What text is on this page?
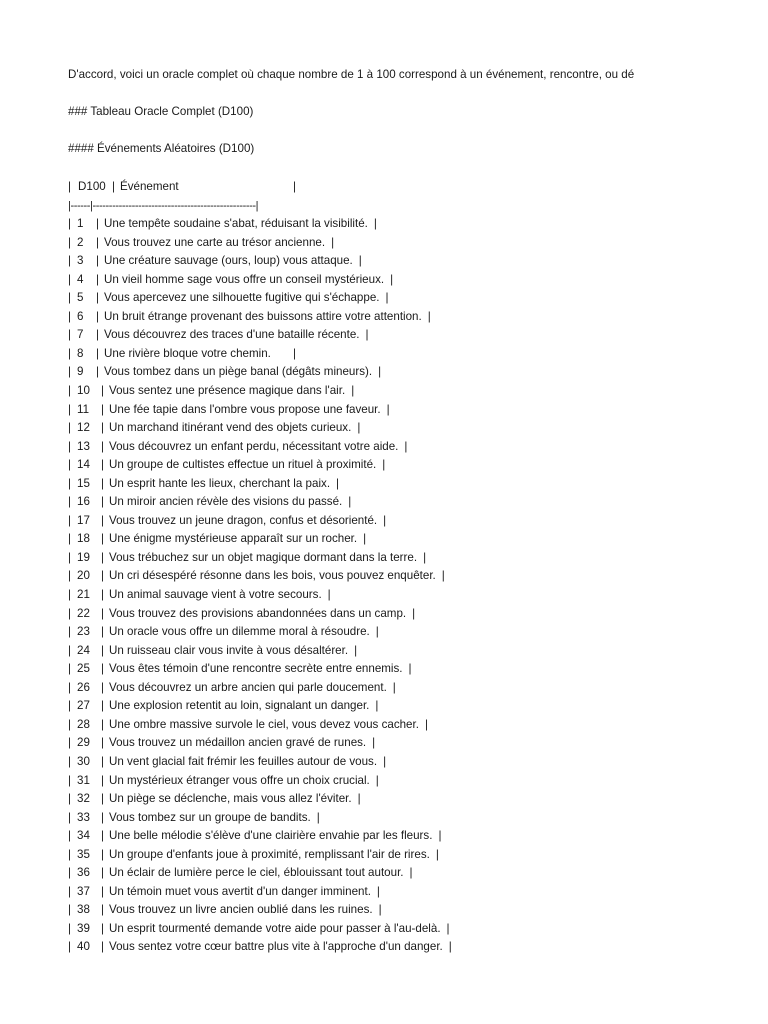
D'accord, voici un oracle complet où chaque nombre de 1 à 100 correspond à un événement, rencontre, ou dé
### Tableau Oracle Complet (D100)
#### Événements Aléatoires (D100)

|

D100

|

Événement

	|

|------|--------------------------------------------------|
| 1 | Une tempête soudaine s'abat, réduisant la visibilité. |
| 2 | Vous trouvez une carte au trésor ancienne. |
| 3 | Une créature sauvage (ours, loup) vous attaque. |
| 4 | Un vieil homme sage vous offre un conseil mystérieux. |
| 5 | Vous apercevez une silhouette fugitive qui s'échappe. |
| 6 | Un bruit étrange provenant des buissons attire votre attention. |
| 7 | Vous découvrez des traces d'une bataille récente. |
| 8 | Une rivière bloque votre chemin. |
| 9 | Vous tombez dans un piège banal (dégâts mineurs). |
| 10 | Vous sentez une présence magique dans l'air. |
| 11 | Une fée tapie dans l'ombre vous propose une faveur. |
| 12 | Un marchand itinérant vend des objets curieux. |
| 13 | Vous découvrez un enfant perdu, nécessitant votre aide. |
| 14 | Un groupe de cultistes effectue un rituel à proximité. |
| 15 | Un esprit hante les lieux, cherchant la paix. |
| 16 | Un miroir ancien révèle des visions du passé. |
| 17 | Vous trouvez un jeune dragon, confus et désorienté. |
| 18 | Une énigme mystérieuse apparaît sur un rocher. |
| 19 | Vous trébuchez sur un objet magique dormant dans la terre. |
| 20 | Un cri désespéré résonne dans les bois, vous pouvez enquêter. |
| 21 | Un animal sauvage vient à votre secours. |
| 22 | Vous trouvez des provisions abandonnées dans un camp. |
| 23 | Un oracle vous offre un dilemme moral à résoudre. |
| 24 | Un ruisseau clair vous invite à vous désaltérer. |
| 25 | Vous êtes témoin d'une rencontre secrète entre ennemis. |
| 26 | Vous découvrez un arbre ancien qui parle doucement. |
| 27 | Une explosion retentit au loin, signalant un danger. |
| 28 | Une ombre massive survole le ciel, vous devez vous cacher. |
| 29 | Vous trouvez un médaillon ancien gravé de runes. |
| 30 | Un vent glacial fait frémir les feuilles autour de vous. |
| 31 | Un mystérieux étranger vous offre un choix crucial. |
| 32 | Un piège se déclenche, mais vous allez l'éviter. |
| 33 | Vous tombez sur un groupe de bandits. |
| 34 | Une belle mélodie s'élève d'une clairière envahie par les fleurs. |
| 35 | Un groupe d'enfants joue à proximité, remplissant l'air de rires. |
| 36 | Un éclair de lumière perce le ciel, éblouissant tout autour. |
| 37 | Un témoin muet vous avertit d'un danger imminent. |
| 38 | Vous trouvez un livre ancien oublié dans les ruines. |
| 39 | Un esprit tourmenté demande votre aide pour passer à l'au-delà. |
| 40 | Vous sentez votre cœur battre plus vite à l'approche d'un danger. |
